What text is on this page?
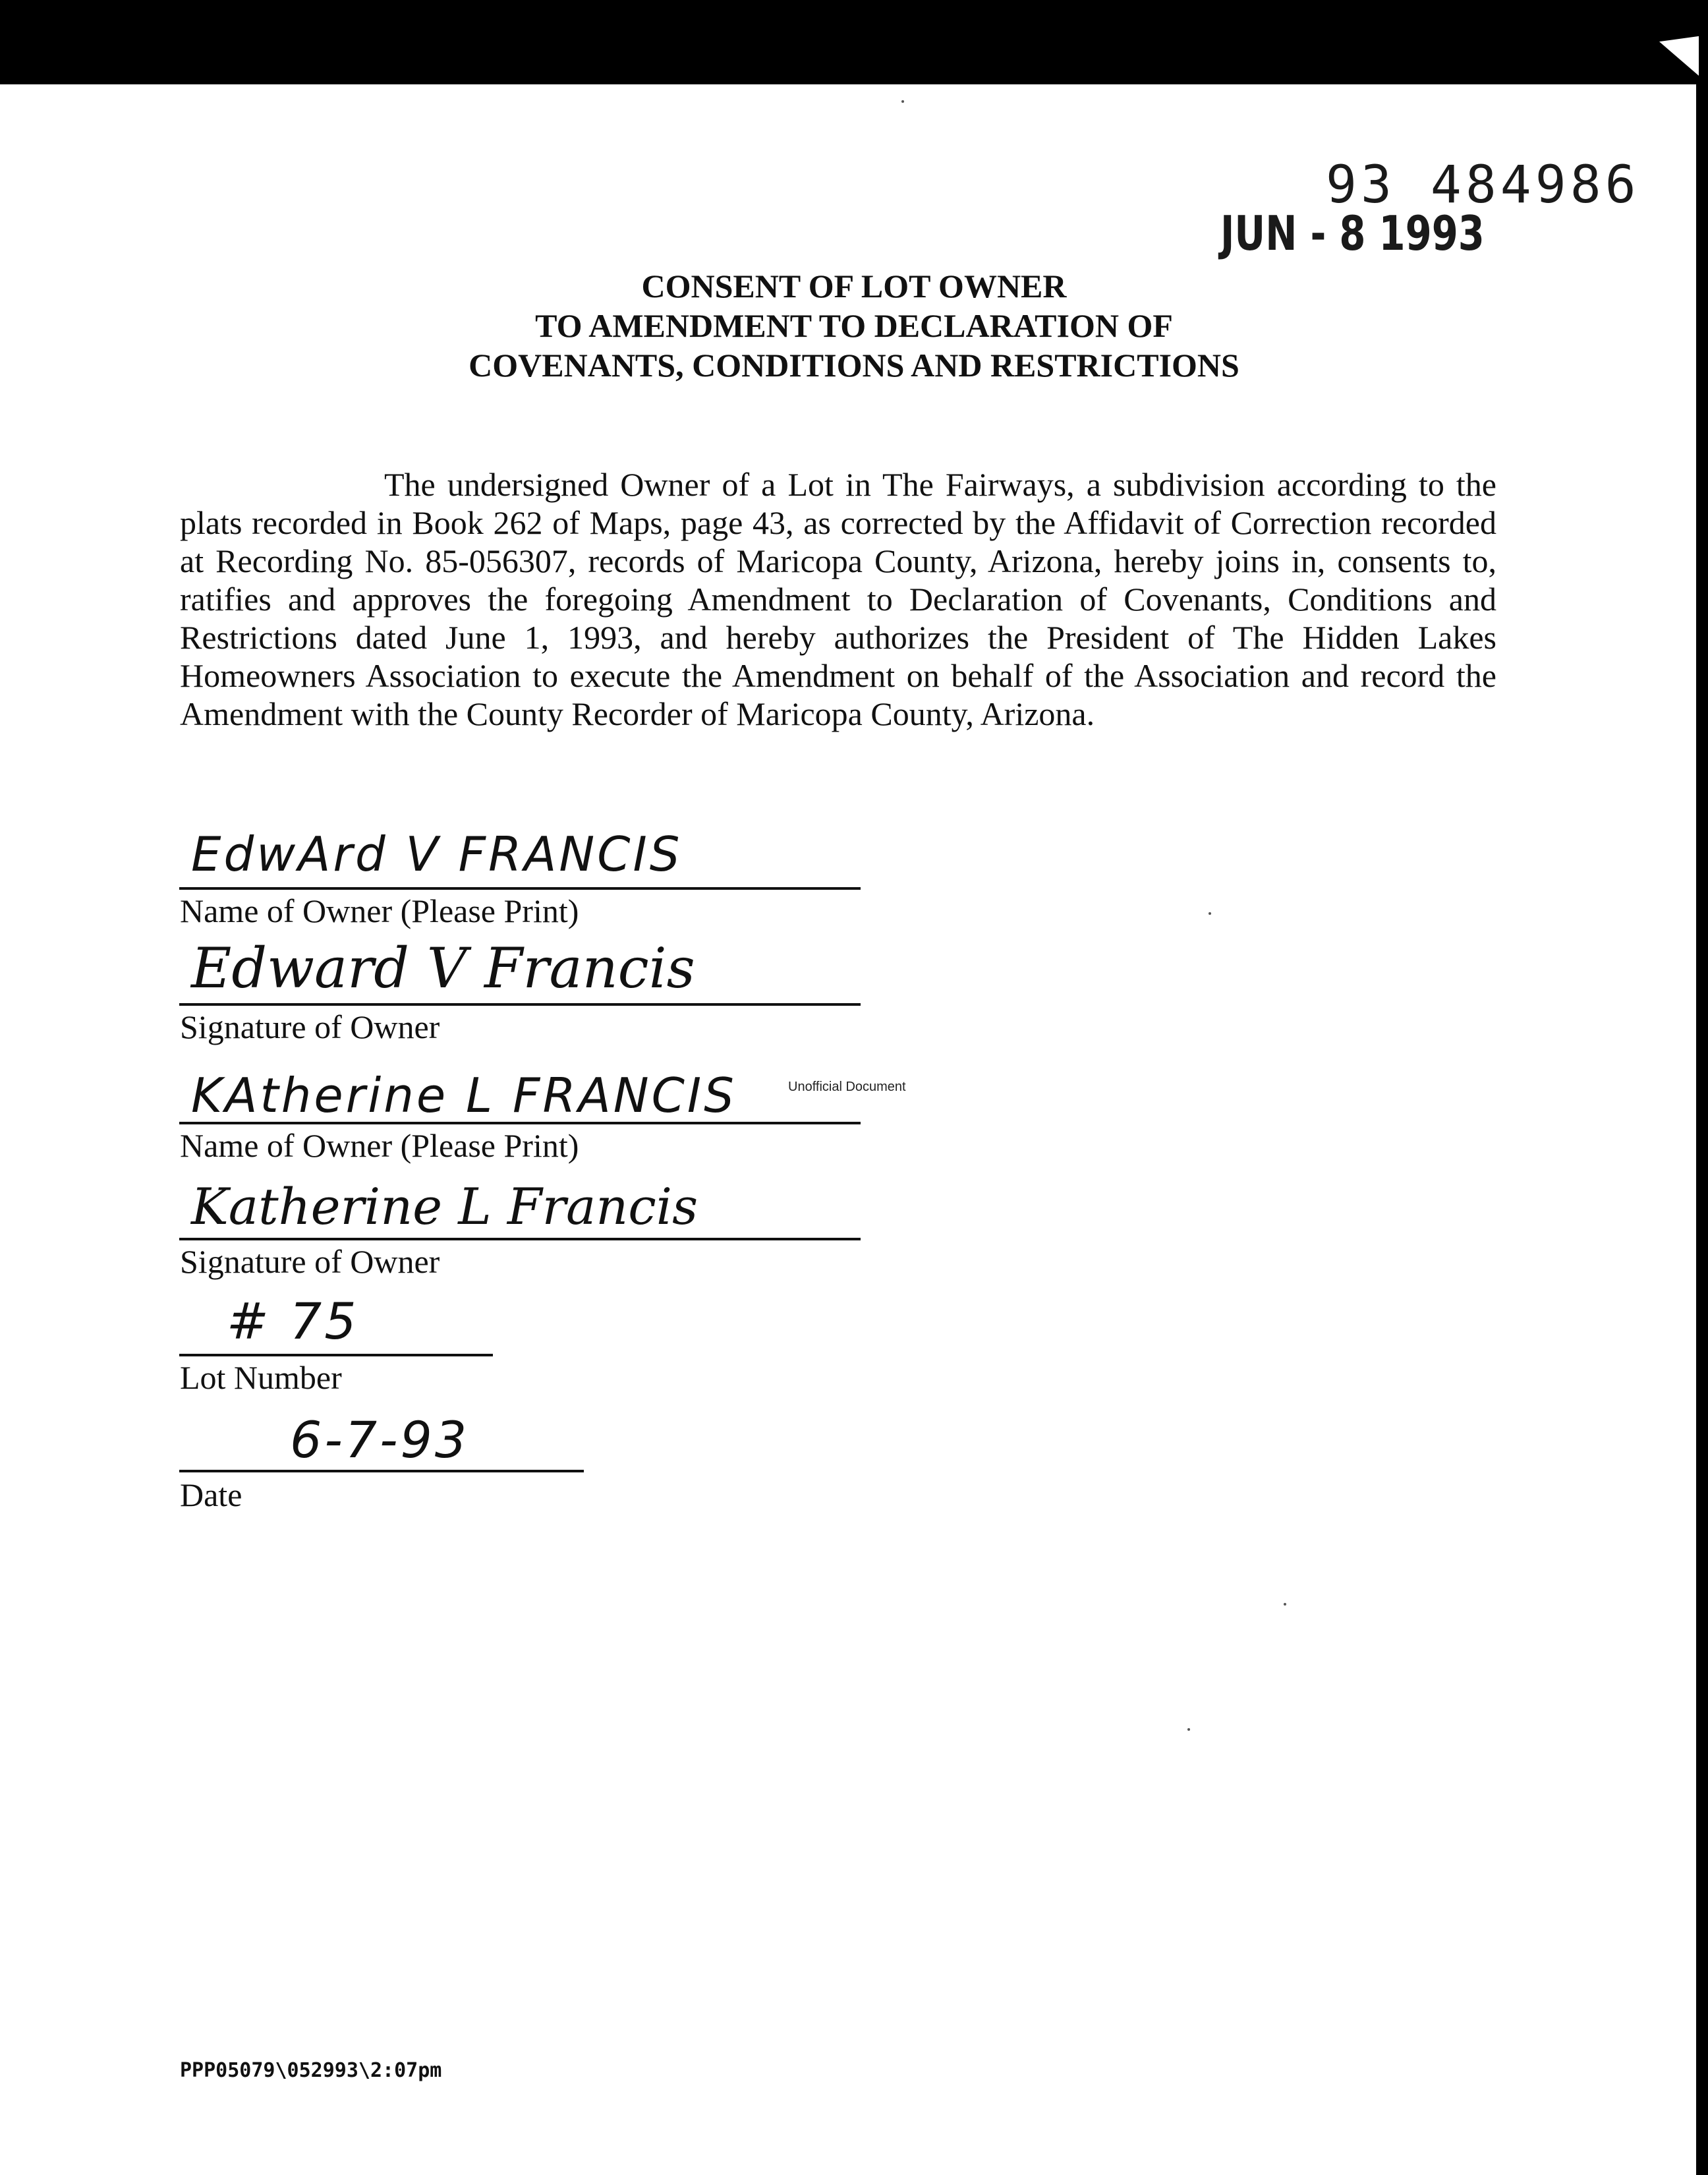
93 484986
JUN - 8 1993
CONSENT OF LOT OWNER
TO AMENDMENT TO DECLARATION OF
COVENANTS, CONDITIONS AND RESTRICTIONS
The undersigned Owner of a Lot in The Fairways, a subdivision according to the plats recorded in Book 262 of Maps, page 43, as corrected by the Affidavit of Correction recorded at Recording No. 85-056307, records of Maricopa County, Arizona, hereby joins in, consents to, ratifies and approves the foregoing Amendment to Declaration of Covenants, Conditions and Restrictions dated June 1, 1993, and hereby authorizes the President of The Hidden Lakes Homeowners Association to execute the Amendment on behalf of the Association and record the Amendment with the County Recorder of Maricopa County, Arizona.
EdwArd V FRANCIS
Name of Owner (Please Print)
Edward V Francis
Signature of Owner
KAtherine L FRANCIS	Unofficial Document
Name of Owner (Please Print)
Katherine L Francis
Signature of Owner
# 75
Lot Number
6-7-93
Date
PPP05079\052993\2:07pm
